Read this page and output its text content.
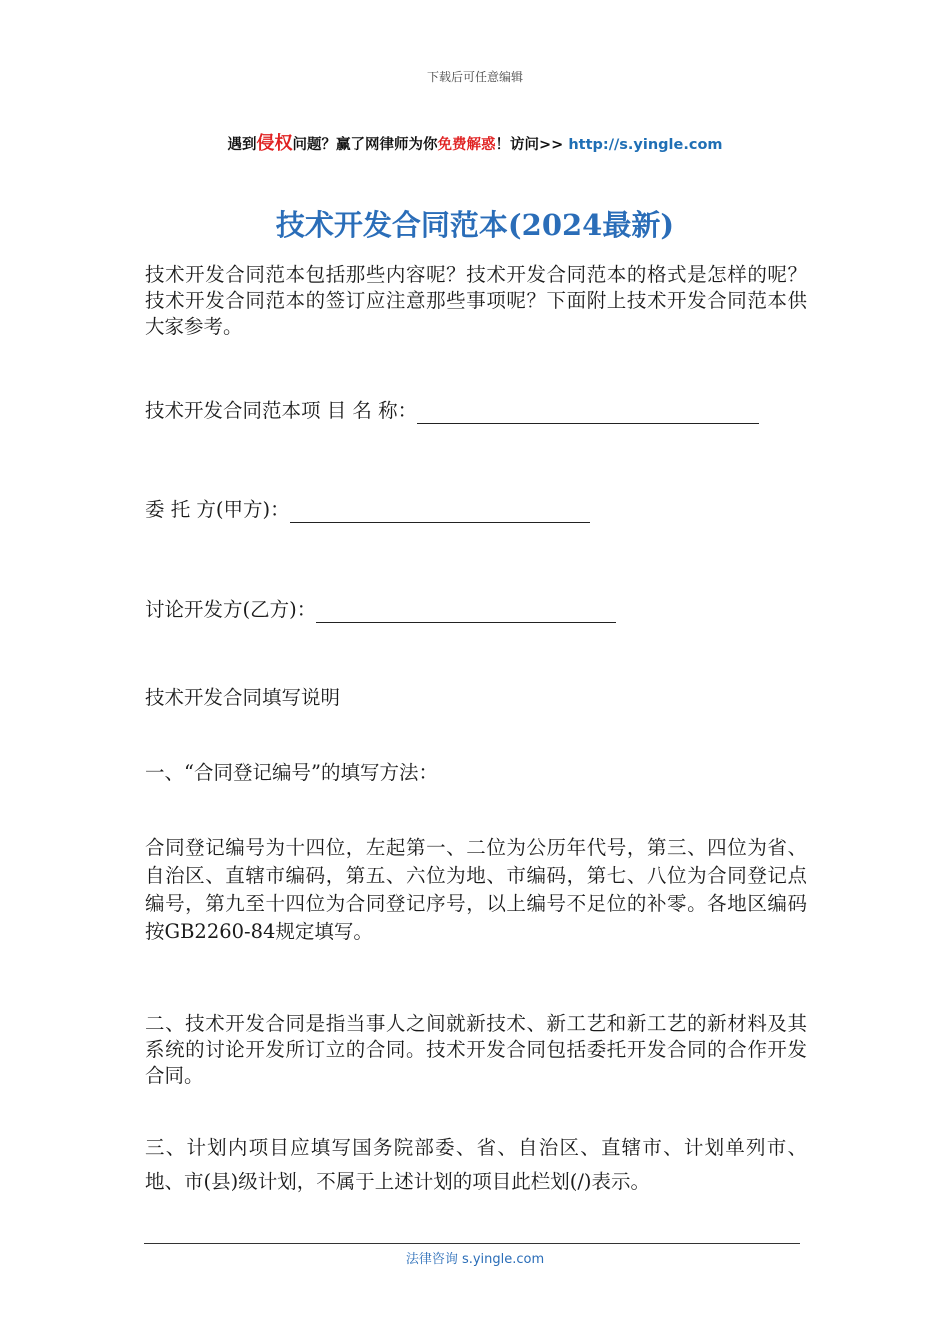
下载后可任意编辑
遇到侵权问题？赢了网律师为你免费解惑！访问>> http://s.yingle.com
技术开发合同范本(2024最新)
技术开发合同范本包括那些内容呢？技术开发合同范本的格式是怎样的呢？技术开发合同范本的签订应注意那些事项呢？下面附上技术开发合同范本供大家参考。
技术开发合同范本项 目 名 称：
委 托 方(甲方)：
讨论开发方(乙方)：
技术开发合同填写说明
一、“合同登记编号”的填写方法：
合同登记编号为十四位，左起第一、二位为公历年代号，第三、四位为省、自治区、直辖市编码，第五、六位为地、市编码，第七、八位为合同登记点编号，第九至十四位为合同登记序号，以上编号不足位的补零。各地区编码按GB2260-84规定填写。
二、技术开发合同是指当事人之间就新技术、新工艺和新工艺的新材料及其系统的讨论开发所订立的合同。技术开发合同包括委托开发合同的合作开发合同。
三、计划内项目应填写国务院部委、省、自治区、直辖市、计划单列市、地、市(县)级计划，不属于上述计划的项目此栏划(/)表示。
法律咨询 s.yingle.com
